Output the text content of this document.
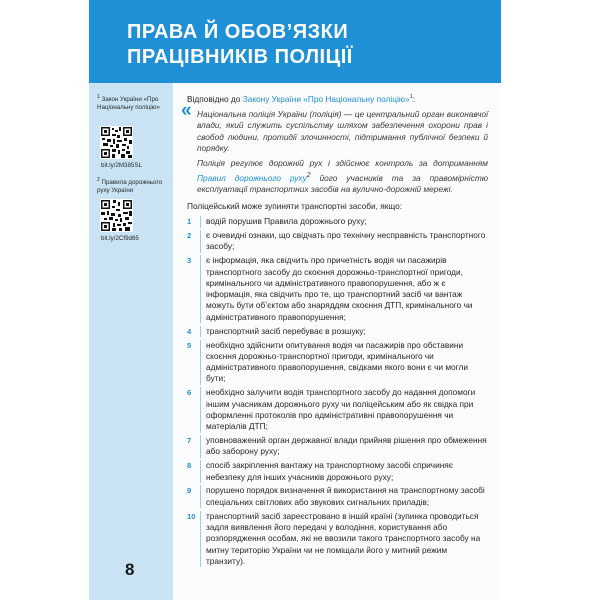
ПРАВА Й ОБОВ’ЯЗКИ
ПРАЦІВНИКІВ ПОЛІЦІЇ
$^1$ Закон України «Про Національну поліцію»
bit.ly/2M385SL
$^2$ Правила дорожнього руху України
bit.ly/2Cf9d65
8

Відповідно до Закону України «Про Національну поліцію»$^1$:

« Національна поліція України (поліція) — це центральний орган виконавчої влади, який служить суспільству шляхом забезпечення охорони прав і свобод людини, протидії злочинності, підтримання публічної безпеки й порядку.

Поліція регулює дорожній рух і здійснює контроль за дотриманням Правил дорожнього руху$^2$ його учасників та за правомірністю експлуатації транспортних засобів на вулично-дорожній мережі.

Поліцейський може зупиняти транспортні засоби, якщо:

1	водій порушив Правила дорожнього руху;
2	є очевидні ознаки, що свідчать про технічну несправність транспортного засобу;
3	є інформація, яка свідчить про причетність водія чи пасажирів транспортного засобу до скоєння дорожньо-транспортної пригоди, кримінального чи адміністративного правопорушення, або ж є інформація, яка свідчить про те, що транспортний засіб чи вантаж можуть бути об’єктом або знаряддям скоєння ДТП, кримінального чи адміністративного правопорушення;
4	транспортний засіб перебуває в розшуку;
5	необхідно здійснити опитування водія чи пасажирів про обставини скоєння дорожньо-транспортної пригоди, кримінального чи адміністративного правопорушення, свідками якого вони є чи могли бути;
6	необхідно залучити водія транспортного засобу до надання допомоги іншим учасникам дорожнього руху чи поліцейським або як свідка при оформленні протоколів про адміністративні правопорушення чи матеріалів ДТП;
7	уповноважений орган державної влади прийняв рішення про обмеження або заборону руху;
8	спосіб закріплення вантажу на транспортному засобі спричиняє небезпеку для інших учасників дорожнього руху;
9	порушено порядок визначення й використання на транспортному засобі спеціальних світлових або звукових сигнальних приладів;
10	транспортний засіб зареєстровано в іншій країні (зупинка проводиться задля виявлення його передачі у володіння, користування або розпорядження особам, які не ввозили такого транспортного засобу на митну територію України чи не поміщали його у митний режим транзиту).
